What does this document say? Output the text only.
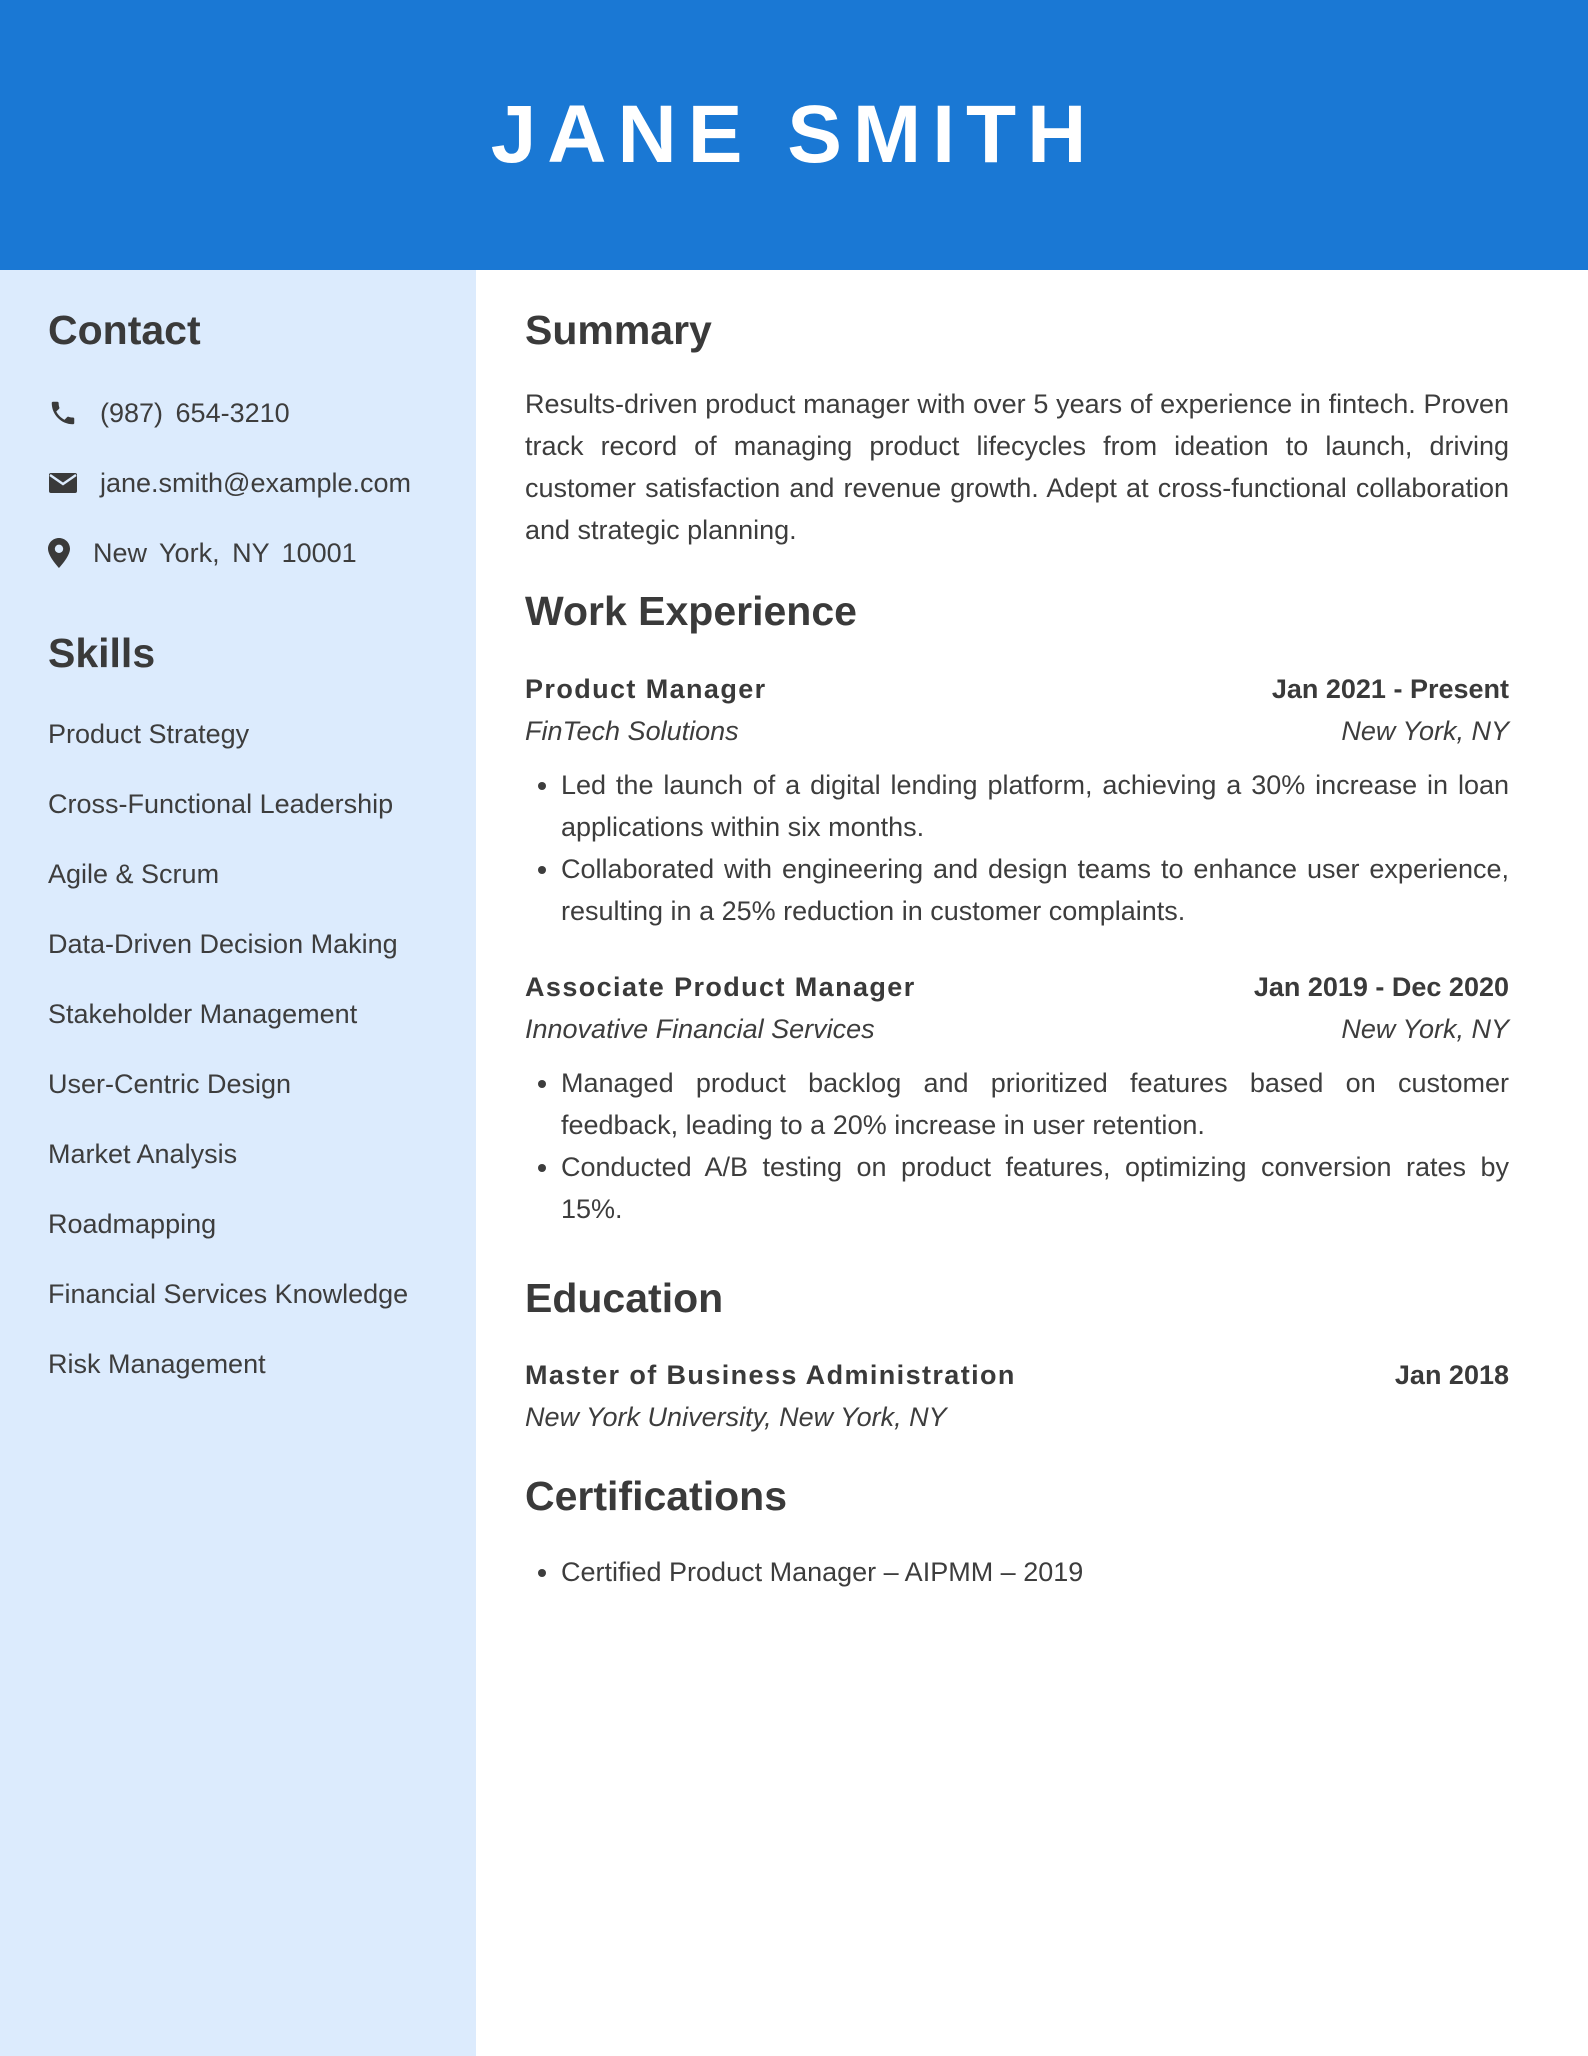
JANE SMITH
Contact
(987) 654-3210
jane.smith@example.com
New York, NY 10001
Skills
Product Strategy
Cross-Functional Leadership
Agile & Scrum
Data-Driven Decision Making
Stakeholder Management
User-Centric Design
Market Analysis
Roadmapping
Financial Services Knowledge
Risk Management
Summary

Results-driven product manager with over 5 years of experience in fintech. Proven track record of managing product lifecycles from ideation to launch, driving customer satisfaction and revenue growth. Adept at cross-functional collaboration and strategic planning.

Work Experience
Product Manager	Jan 2021 - Present
FinTech Solutions	New York, NY
• Led the launch of a digital lending platform, achieving a 30% increase in loan applications within six months.
• Collaborated with engineering and design teams to enhance user experience, resulting in a 25% reduction in customer complaints.
Associate Product Manager	Jan 2019 - Dec 2020
Innovative Financial Services	New York, NY
• Managed product backlog and prioritized features based on customer feedback, leading to a 20% increase in user retention.
• Conducted A/B testing on product features, optimizing conversion rates by 15%.
Education
Master of Business Administration	Jan 2018
New York University, New York, NY
Certifications
• Certified Product Manager – AIPMM – 2019
